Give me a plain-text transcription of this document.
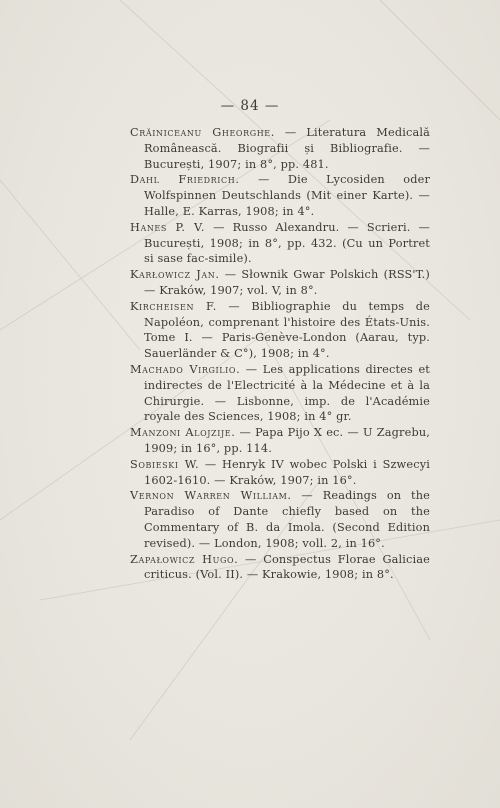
— 84 —

Crăiniceanu Gheorghe. — Literatura Medicală Românească. Biografii și Bibliografie. — București, 1907; in 8°, pp. 481.

Dahl Friedrich. — Die Lycosiden oder Wolfspinnen Deutschlands (Mit einer Karte). — Halle, E. Karras, 1908; in 4°.

Hanes P. V. — Russo Alexandru. — Scrieri. — București, 1908; in 8°, pp. 432. (Cu un Portret si sase fac-simile).

Karłowicz Jan. — Słownik Gwar Polskich (RSS'T.) — Kraków, 1907; vol. V, in 8°.

Kircheisen F. — Bibliographie du temps de Napoléon, comprenant l'histoire des États-Unis. Tome I. — Paris-Genève-London (Aarau, typ. Sauerländer & C°), 1908; in 4°.

Machado Virgilio. — Les applications directes et indirectes de l'Electricité à la Médecine et à la Chirurgie. — Lisbonne, imp. de l'Académie royale des Sciences, 1908; in 4° gr.

Manzoni Alojzije. — Papa Pijo X ec. — U Zagrebu, 1909; in 16°, pp. 114.

Sobieski W. — Henryk IV wobec Polski i Szwecyi 1602-1610. — Kraków, 1907; in 16°.

Vernon Warren William. — Readings on the Paradiso of Dante chiefly based on the Commentary of B. da Imola. (Second Edition revised). — London, 1908; voll. 2, in 16°.

Zapałowicz Hugo. — Conspectus Florae Galiciae criticus. (Vol. II). — Krakowie, 1908; in 8°.
